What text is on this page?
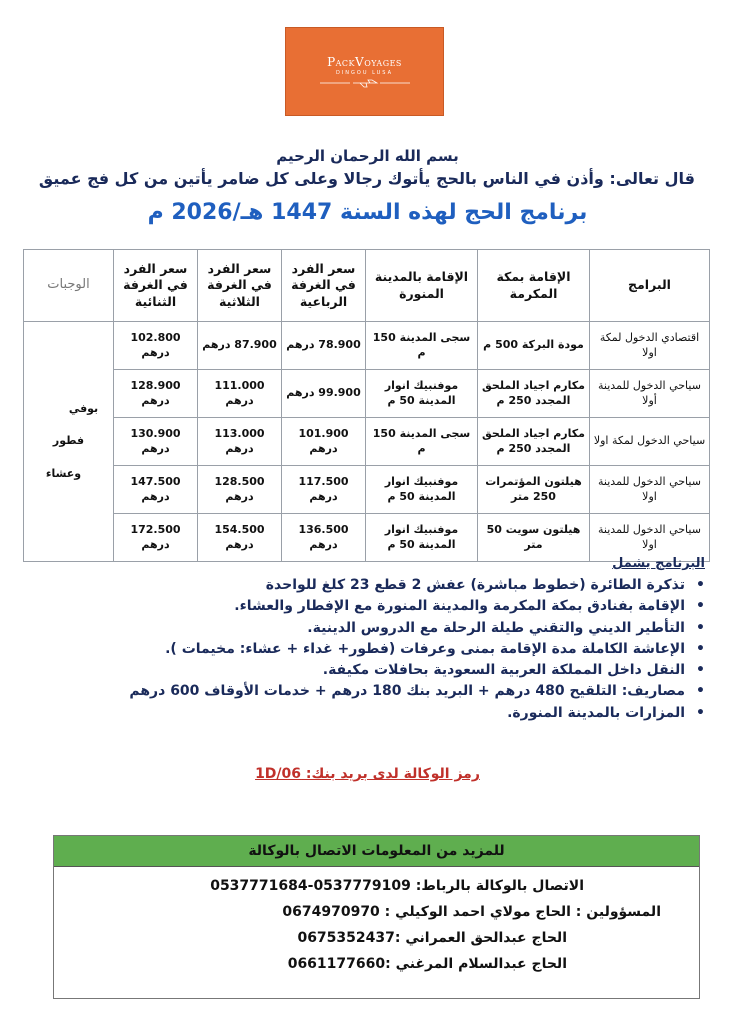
PackVoyages
DINGOU LUSA
بسم الله الرحمان الرحيم
قال تعالى: وأذن في الناس بالحج يأتوك رجالا وعلى كل ضامر يأتين من كل فج عميق
برنامج الحج لهذه السنة 1447 هـ/2026 م
البرامج	الإقامة بمكة المكرمة	الإقامة بالمدينة المنورة	سعر الفرد في الغرفة الرباعية	سعر الفرد في الغرفة الثلاثية	سعر الفرد في الغرفة الثنائية	الوجبات
اقتصادي الدخول لمكة اولا	مودة البركة 500 م	سجى المدينة 150 م	78.900 درهم	87.900 درهم	102.800 درهم	بوفي
فطور
وعشاء

سياحي الدخول للمدينة أولا	مكارم اجياد الملحق المجدد 250 م	موفنبيك انوار المدينة 50 م	99.900 درهم	111.000 درهم	128.900 درهم	
سياحي الدخول لمكة اولا	مكارم اجياد الملحق المجدد 250 م	سجى المدينة 150 م	101.900 درهم	113.000 درهم	130.900 درهم	
سياحي الدخول للمدينة اولا	هيلتون المؤتمرات 250 متر	موفنبيك انوار المدينة 50 م	117.500 درهم	128.500 درهم	147.500 درهم	
سياحي الدخول للمدينة اولا	هيلتون سويت 50 متر	موفنبيك انوار المدينة 50 م	136.500 درهم	154.500 درهم	172.500 درهم	
البرنامج يشمل
• تذكرة الطائرة (خطوط مباشرة) عفش 2 قطع 23 كلغ للواحدة
• الإقامة بفنادق بمكة المكرمة والمدينة المنورة مع الإفطار والعشاء.
• التأطير الديني والتقني طيلة الرحلة مع الدروس الدينية.
• الإعاشة الكاملة مدة الإقامة بمنى وعرفات (فطور+ غداء + عشاء: مخيمات ).
• النقل داخل المملكة العربية السعودية بحافلات مكيفة.
• مصاريف: التلقيح 480 درهم + البريد بنك 180 درهم + خدمات الأوقاف 600 درهم
• المزارات بالمدينة المنورة.
رمز الوكالة لدى بريد بنك: 1D/06
للمزيد من المعلومات الاتصال بالوكالة
الاتصال بالوكالة بالرباط: 0537779109-0537771684
المسؤولين : الحاج مولاي احمد الوكيلي : 0674970970
الحاج عبدالحق العمراني :0675352437
الحاج عبدالسلام المرغني :0661177660
